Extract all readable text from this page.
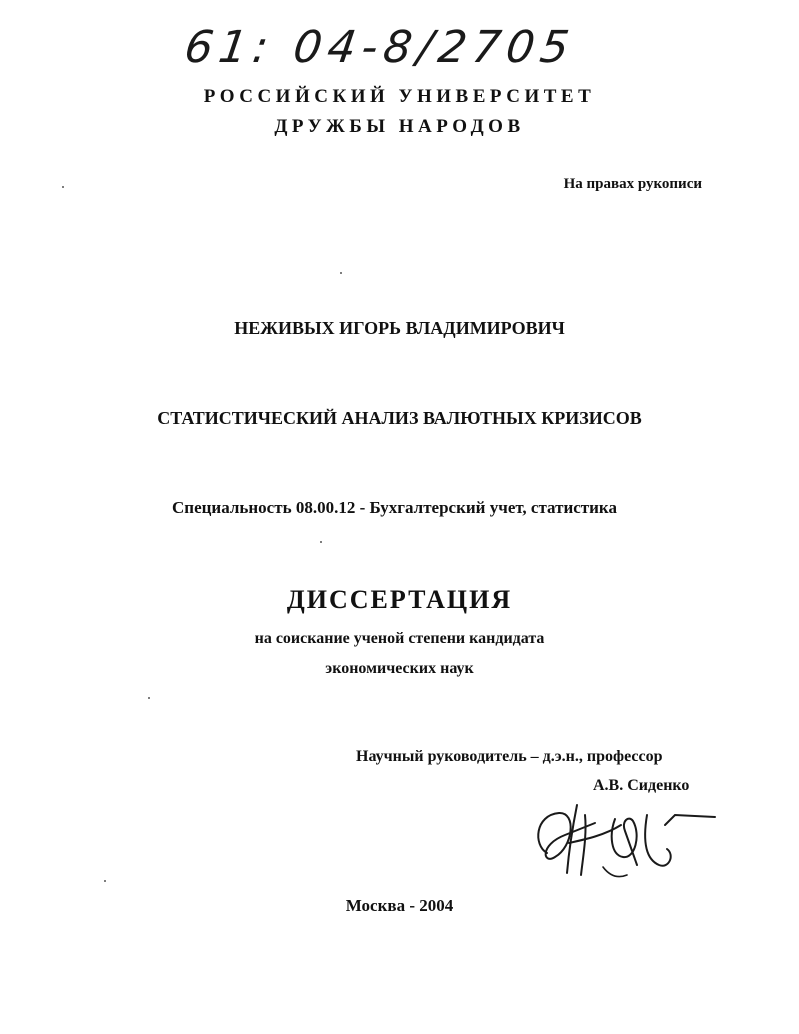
61: 04-8/2705
РОССИЙСКИЙ УНИВЕРСИТЕТ
ДРУЖБЫ НАРОДОВ
На правах рукописи
НЕЖИВЫХ ИГОРЬ ВЛАДИМИРОВИЧ
СТАТИСТИЧЕСКИЙ АНАЛИЗ ВАЛЮТНЫХ КРИЗИСОВ
Специальность 08.00.12 - Бухгалтерский учет, статистика
ДИССЕРТАЦИЯ
на соискание ученой степени кандидата
экономических наук
Научный руководитель – д.э.н., профессор
А.В. Сиденко
Москва - 2004
